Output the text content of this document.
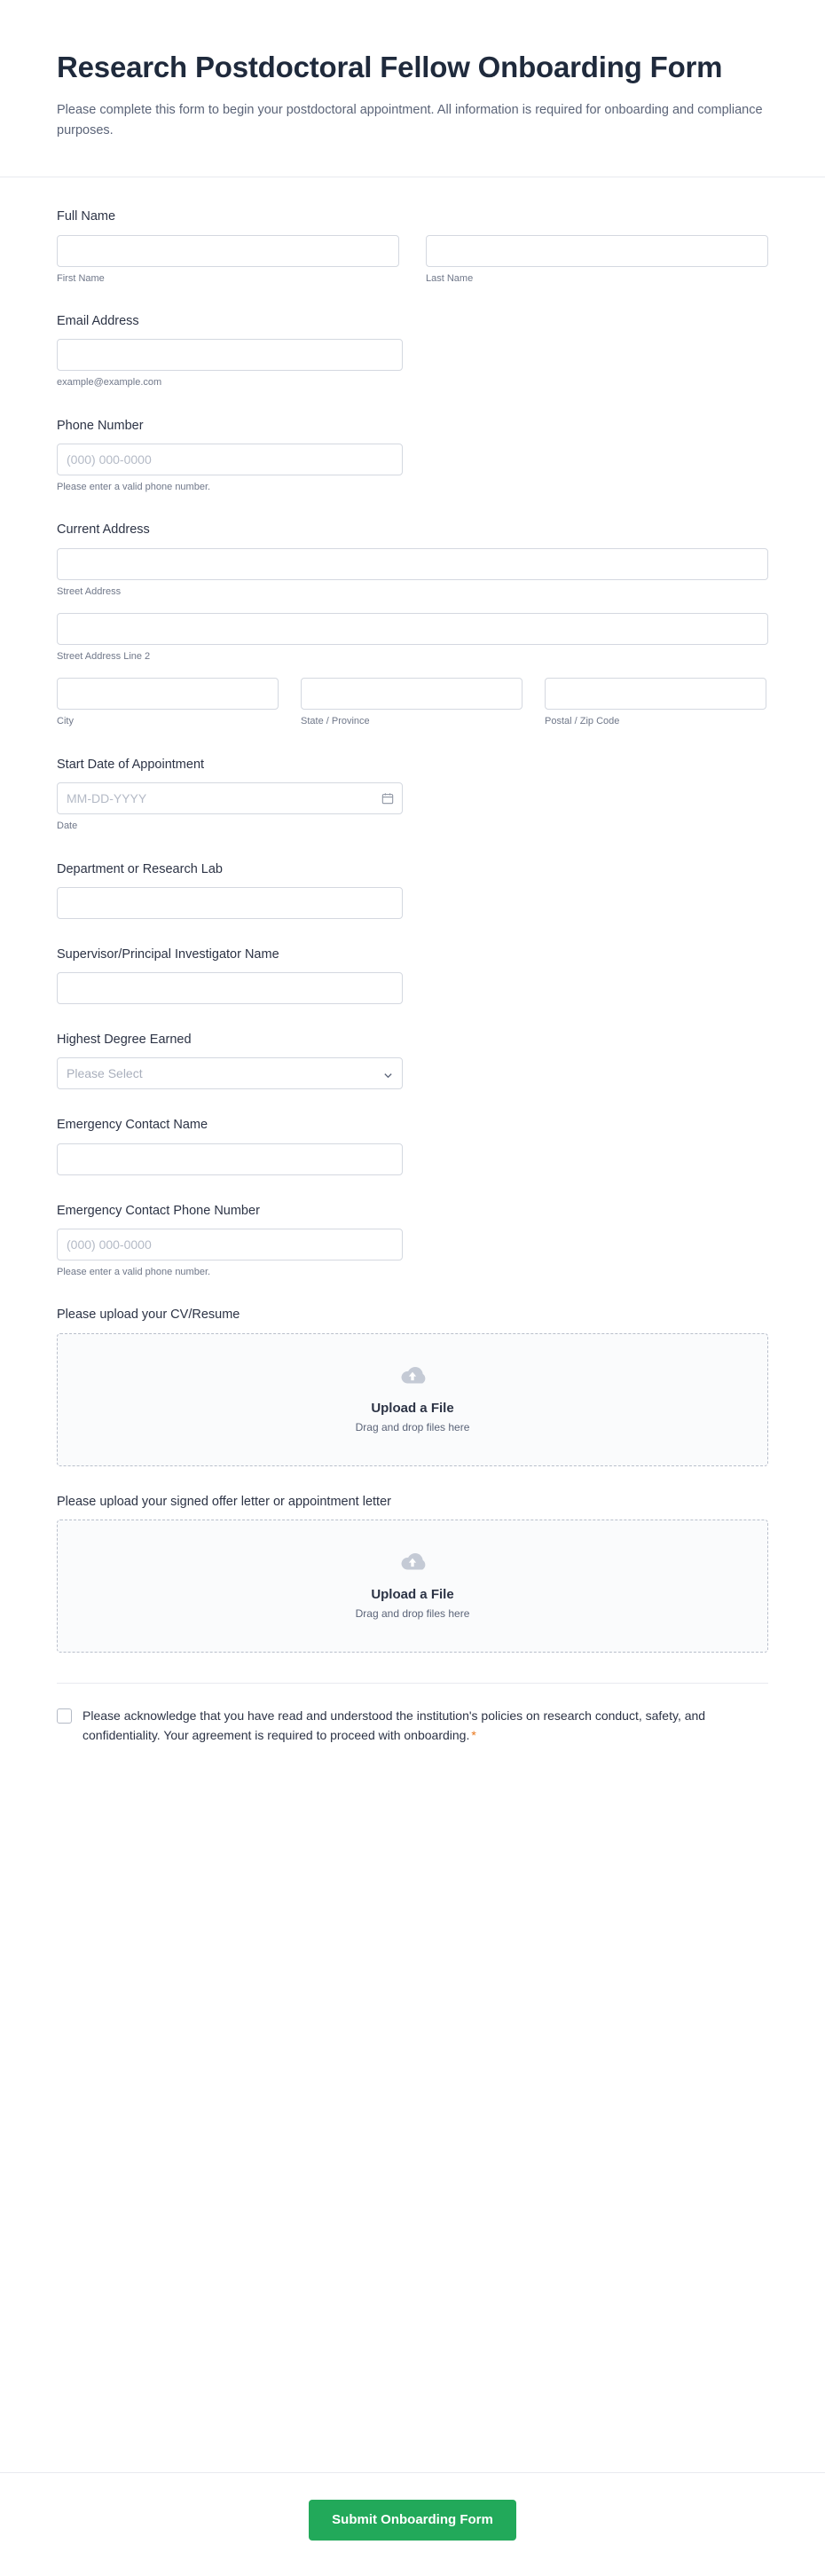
Research Postdoctoral Fellow Onboarding Form

Please complete this form to begin your postdoctoral appointment. All information is required for onboarding and compliance purposes.

Full Name
First Name	Last Name
Email Address
example@example.com
Phone Number
(000) 000-0000
Please enter a valid phone number.
Current Address
Street Address
Street Address Line 2
City	State / Province	Postal / Zip Code
Start Date of Appointment
MM-DD-YYYY
Date
Department or Research Lab
Supervisor/Principal Investigator Name
Highest Degree Earned
Please Select
Emergency Contact Name
Emergency Contact Phone Number
(000) 000-0000
Please enter a valid phone number.
Please upload your CV/Resume
Upload a File
Drag and drop files here
Please upload your signed offer letter or appointment letter
Upload a File
Drag and drop files here
Please acknowledge that you have read and understood the institution's policies on research conduct, safety, and confidentiality. Your agreement is required to proceed with onboarding. *
Submit Onboarding Form
